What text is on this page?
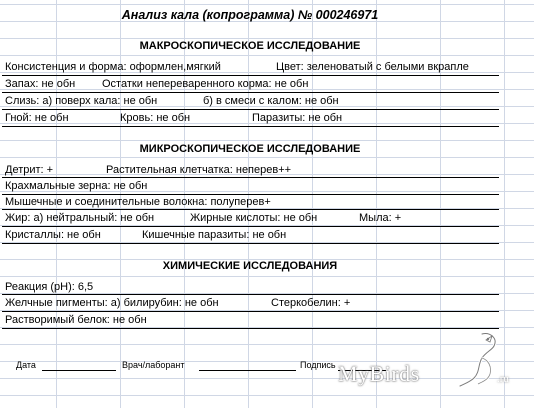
Анализ кала (копрограмма) № 000246971
МАКРОСКОПИЧЕСКОЕ ИССЛЕДОВАНИЕ
Консистенция и форма: оформлен,мягкий	Цвет: зеленоватый с белыми вкрапле
Запах: не обн Остатки непереваренного корма: не обн
Слизь: а) поверх кала: не обн	б) в смеси с калом: не обн
Гной: не обн	Кровь: не обн	Паразиты: не обн
МИКРОСКОПИЧЕСКОЕ ИССЛЕДОВАНИЕ
Детрит: +	Растительная клетчатка: неперев++
Крахмальные зерна: не обн
Мышечные и соединительные волокна: полуперев+
Жир: а) нейтральный: не обн	Жирные кислоты: не обн	Мыла: +
Кристаллы: не обн	Кишечные паразиты: не обн
ХИМИЧЕСКИЕ ИССЛЕДОВАНИЯ
Реакция (pH): 6,5
Желчные пигменты: а) билирубин: не обн	Стеркобелин: +
Растворимый белок: не обн
Дата	Врач/лаборант	Подпись MyBirds	.ru
